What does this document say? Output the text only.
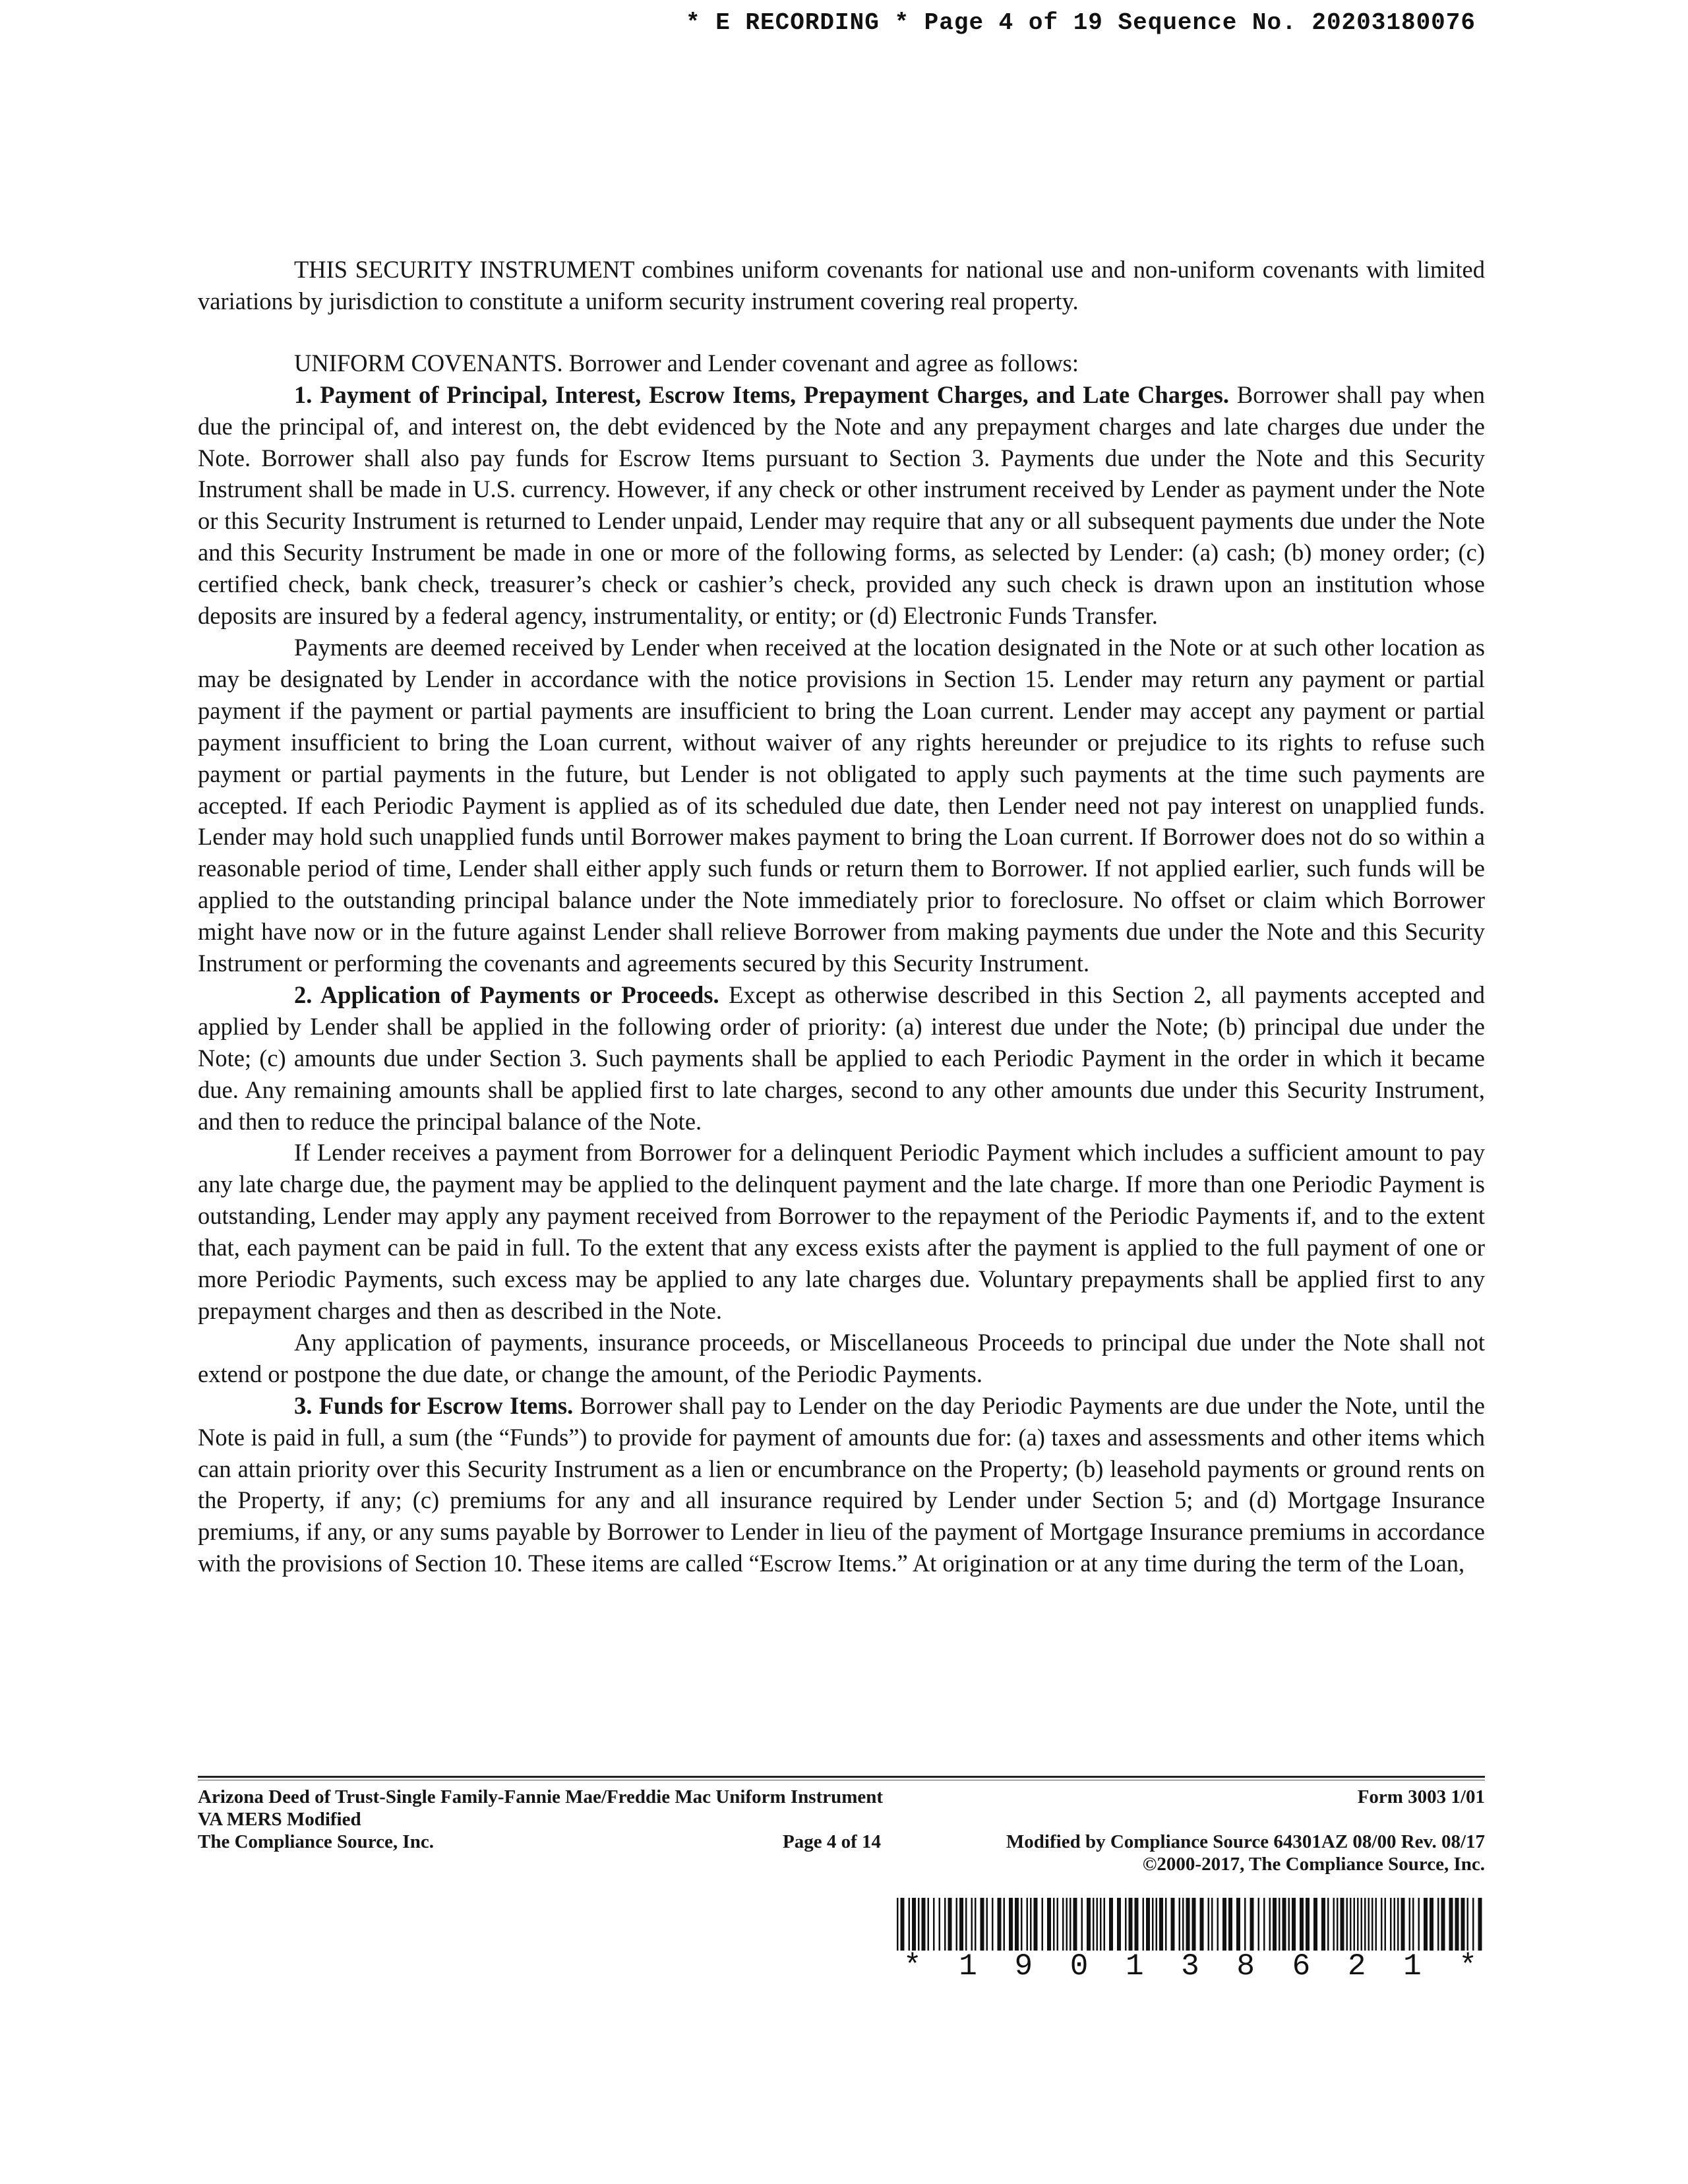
* E RECORDING * Page 4 of 19 Sequence No. 20203180076

THIS SECURITY INSTRUMENT combines uniform covenants for national use and non-uniform covenants with limited variations by jurisdiction to constitute a uniform security instrument covering real property.

UNIFORM COVENANTS. Borrower and Lender covenant and agree as follows:

1. Payment of Principal, Interest, Escrow Items, Prepayment Charges, and Late Charges. Borrower shall pay when due the principal of, and interest on, the debt evidenced by the Note and any prepayment charges and late charges due under the Note. Borrower shall also pay funds for Escrow Items pursuant to Section 3. Payments due under the Note and this Security Instrument shall be made in U.S. currency. However, if any check or other instrument received by Lender as payment under the Note or this Security Instrument is returned to Lender unpaid, Lender may require that any or all subsequent payments due under the Note and this Security Instrument be made in one or more of the following forms, as selected by Lender: (a) cash; (b) money order; (c) certified check, bank check, treasurer’s check or cashier’s check, provided any such check is drawn upon an institution whose deposits are insured by a federal agency, instrumentality, or entity; or (d) Electronic Funds Transfer.

Payments are deemed received by Lender when received at the location designated in the Note or at such other location as may be designated by Lender in accordance with the notice provisions in Section 15. Lender may return any payment or partial payment if the payment or partial payments are insufficient to bring the Loan current. Lender may accept any payment or partial payment insufficient to bring the Loan current, without waiver of any rights hereunder or prejudice to its rights to refuse such payment or partial payments in the future, but Lender is not obligated to apply such payments at the time such payments are accepted. If each Periodic Payment is applied as of its scheduled due date, then Lender need not pay interest on unapplied funds. Lender may hold such unapplied funds until Borrower makes payment to bring the Loan current. If Borrower does not do so within a reasonable period of time, Lender shall either apply such funds or return them to Borrower. If not applied earlier, such funds will be applied to the outstanding principal balance under the Note immediately prior to foreclosure. No offset or claim which Borrower might have now or in the future against Lender shall relieve Borrower from making payments due under the Note and this Security Instrument or performing the covenants and agreements secured by this Security Instrument.

2. Application of Payments or Proceeds. Except as otherwise described in this Section 2, all payments accepted and applied by Lender shall be applied in the following order of priority: (a) interest due under the Note; (b) principal due under the Note; (c) amounts due under Section 3. Such payments shall be applied to each Periodic Payment in the order in which it became due. Any remaining amounts shall be applied first to late charges, second to any other amounts due under this Security Instrument, and then to reduce the principal balance of the Note.

If Lender receives a payment from Borrower for a delinquent Periodic Payment which includes a sufficient amount to pay any late charge due, the payment may be applied to the delinquent payment and the late charge. If more than one Periodic Payment is outstanding, Lender may apply any payment received from Borrower to the repayment of the Periodic Payments if, and to the extent that, each payment can be paid in full. To the extent that any excess exists after the payment is applied to the full payment of one or more Periodic Payments, such excess may be applied to any late charges due. Voluntary prepayments shall be applied first to any prepayment charges and then as described in the Note.

Any application of payments, insurance proceeds, or Miscellaneous Proceeds to principal due under the Note shall not extend or postpone the due date, or change the amount, of the Periodic Payments.

3. Funds for Escrow Items. Borrower shall pay to Lender on the day Periodic Payments are due under the Note, until the Note is paid in full, a sum (the “Funds”) to provide for payment of amounts due for: (a) taxes and assessments and other items which can attain priority over this Security Instrument as a lien or encumbrance on the Property; (b) leasehold payments or ground rents on the Property, if any; (c) premiums for any and all insurance required by Lender under Section 5; and (d) Mortgage Insurance premiums, if any, or any sums payable by Borrower to Lender in lieu of the payment of Mortgage Insurance premiums in accordance with the provisions of Section 10. These items are called “Escrow Items.” At origination or at any time during the term of the Loan,

Arizona Deed of Trust-Single Family-Fannie Mae/Freddie Mac Uniform Instrument	Form 3003 1/01
VA MERS Modified
The Compliance Source, Inc.	Page 4 of 14	Modified by Compliance Source 64301AZ 08/00 Rev. 08/17
©2000-2017, The Compliance Source, Inc.
* 1 9 0 1 3 8 6 2 1 *
